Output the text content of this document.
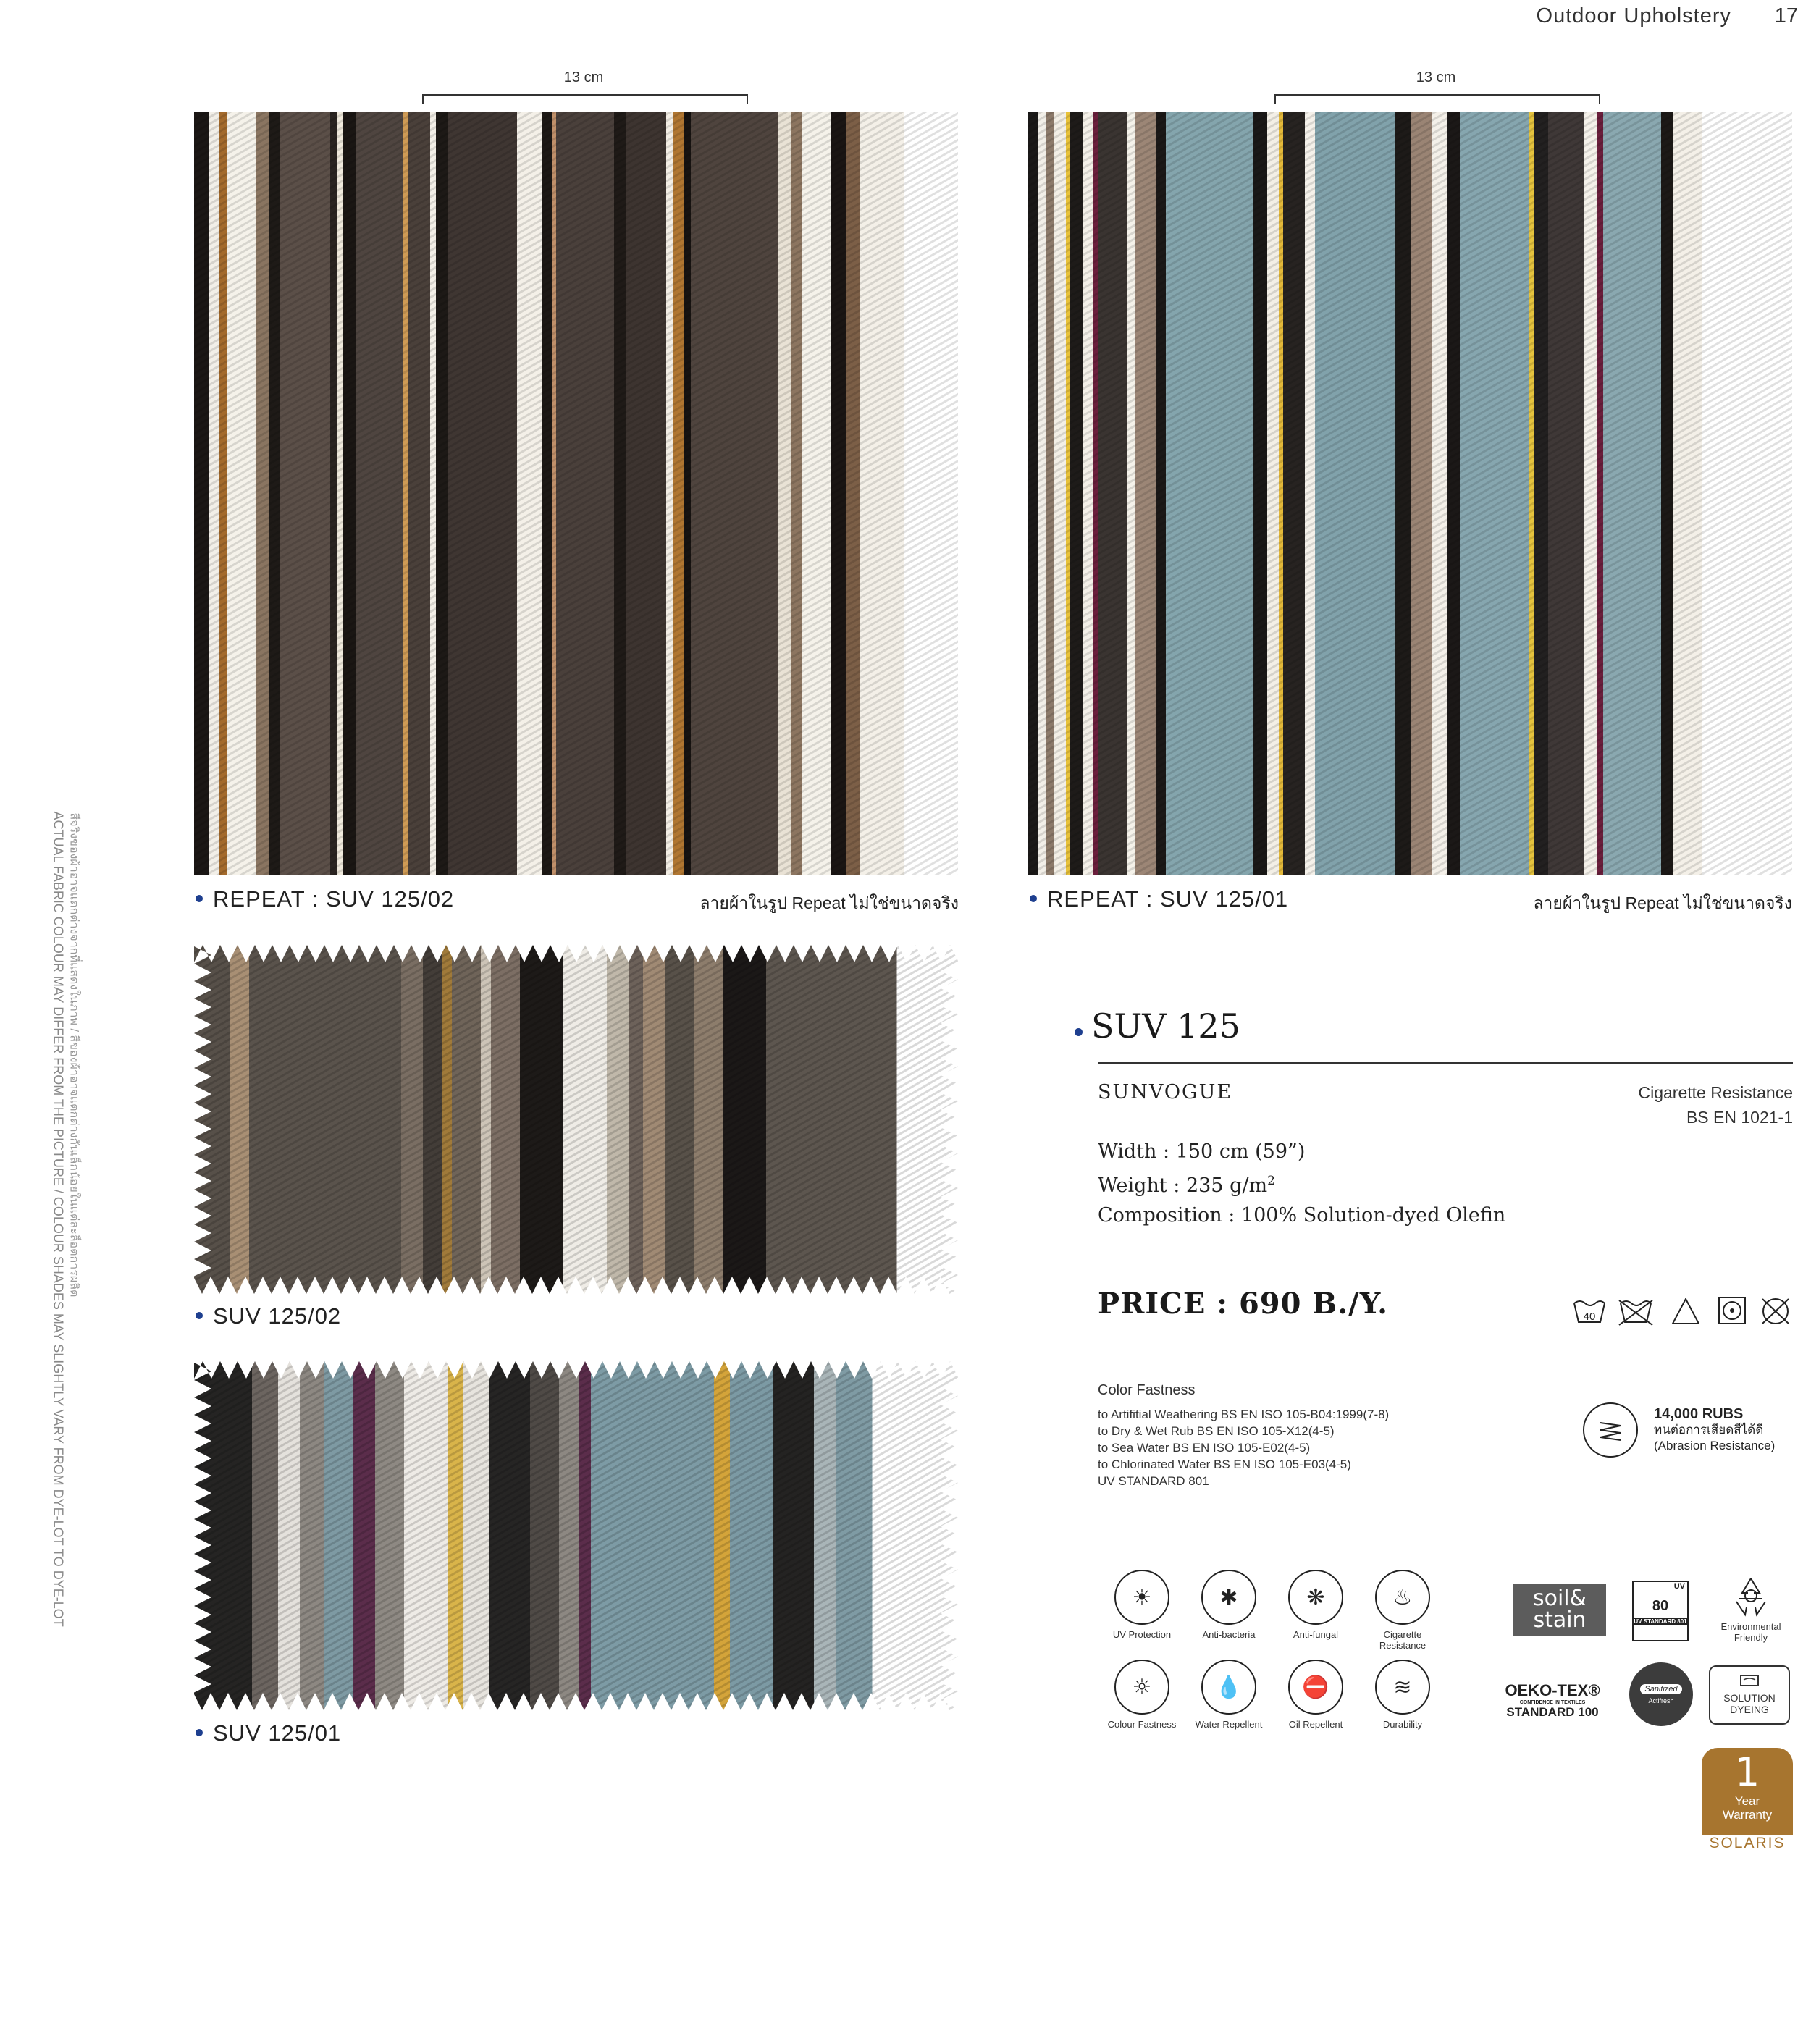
Outdoor Upholstery 17
ACTUAL FABRIC COLOUR MAY DIFFER FROM THE PICTURE / COLOUR SHADES MAY SLIGHTLY VARY FROM DYE-LOT TO DYE-LOT สีจริงของผ้าอาจแตกต่างจากที่แสดงในภาพ / สีของผ้าอาจแตกต่างกันเล็กน้อยในแต่ละล็อตการผลิต
13 cm	13 cm
REPEAT : SUV 125/02	ลายผ้าในรูป Repeat ไม่ใช่ขนาดจริง	REPEAT : SUV 125/01	ลายผ้าในรูป Repeat ไม่ใช่ขนาดจริง
SUV 125/02
SUV 125/01
SUV 125
SUNVOGUE	Cigarette Resistance
BS EN 1021-1
Width : 150 cm (59”)
Weight : 235 $g/m^2$
Composition : 100% Solution-dyed Olefin
PRICE : 690 B./Y.	40
Color Fastness
to Artifitial Weathering BS EN ISO 105-B04:1999(7-8)
to Dry & Wet Rub BS EN ISO 105-X12(4-5)
to Sea Water BS EN ISO 105-E02(4-5)
to Chlorinated Water BS EN ISO 105-E03(4-5)
UV STANDARD 801
14,000 RUBS
ทนต่อการเสียดสีได้ดี
(Abrasion Resistance)
☀
UV Protection
✱
Anti-bacteria
❋
Anti-fungal
♨
Cigarette Resistance
☼
Colour Fastness
💧
Water Repellent
⛔
Oil Repellent
≋
Durability
soil&
stain
UV
80
UV STANDARD 801	Environmental Friendly
OEKO-TEX®
CONFIDENCE IN TEXTILES
STANDARD 100
Sanitized
Actifresh	SOLUTION DYEING
1
Year
Warranty
SOLARIS
